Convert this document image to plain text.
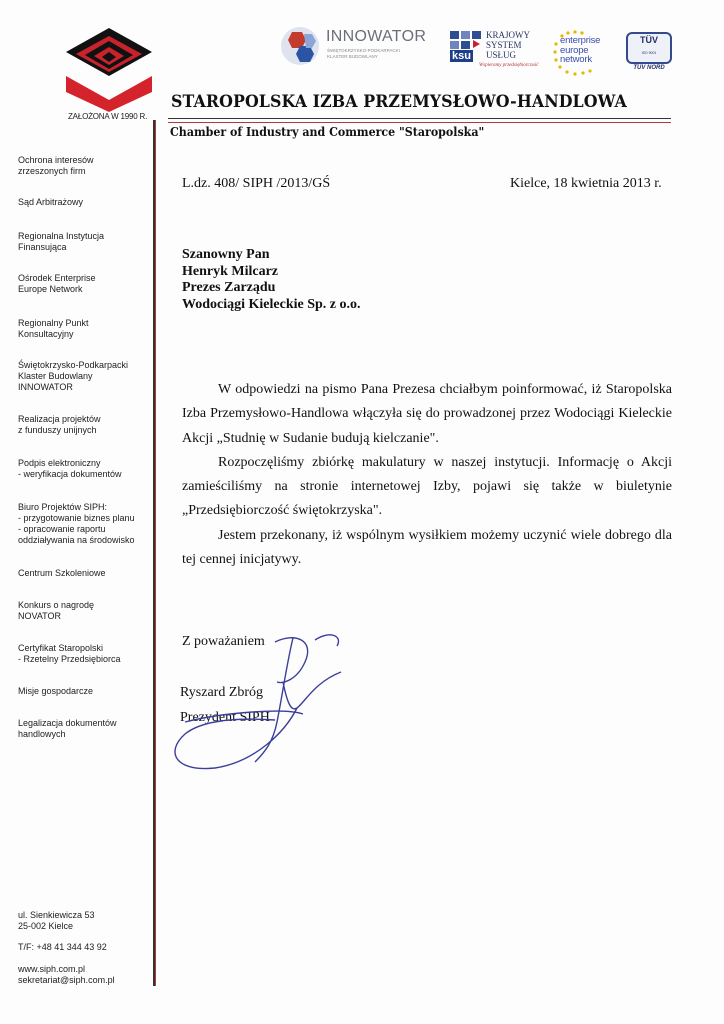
ZAŁOŻONA W 1990 R.
INNOWATOR
ŚWIĘTOKRZYSKO-PODKARPACKI
KLASTER BUDOWLANY	ksu
KRAJOWY
SYSTEM
USŁUG
Wspieramy przedsiębiorczość
enterprise
europe
network
TÜV
ISO 9001
TÜV NORD
STAROPOLSKA IZBA PRZEMYSŁOWO-HANDLOWA
Chamber of Industry and Commerce "Staropolska"
Ochrona interesów
zrzeszonych firm
Sąd Arbitrażowy
Regionalna Instytucja
Finansująca
Ośrodek Enterprise
Europe Network
Regionalny Punkt
Konsultacyjny
Świętokrzysko-Podkarpacki
Klaster Budowlany
INNOWATOR
Realizacja projektów
z funduszy unijnych
Podpis elektroniczny
- weryfikacja dokumentów
Biuro Projektów SIPH:
- przygotowanie biznes planu
- opracowanie raportu
oddziaływania na środowisko
Centrum Szkoleniowe
Konkurs o nagrodę
NOVATOR
Certyfikat Staropolski
- Rzetelny Przedsiębiorca
Misje gospodarcze
Legalizacja dokumentów
handlowych
ul. Sienkiewicza 53
25-002 Kielce
T/F: +48 41 344 43 92
www.siph.com.pl
sekretariat@siph.com.pl
L.dz. 408/ SIPH /2013/GŚ	Kielce, 18 kwietnia 2013 r.
Szanowny Pan
Henryk Milcarz
Prezes Zarządu
Wodociągi Kieleckie Sp. z o.o.

W odpowiedzi na pismo Pana Prezesa chciałbym poinformować, iż Staropolska Izba Przemysłowo-Handlowa włączyła się do prowadzonej przez Wodociągi Kieleckie Akcji „Studnię w Sudanie budują kielczanie".

Rozpoczęliśmy zbiórkę makulatury w naszej instytucji. Informację o Akcji zamieściliśmy na stronie internetowej Izby, pojawi się także w biuletynie „Przedsiębiorczość świętokrzyska".

Jestem przekonany, iż wspólnym wysiłkiem możemy uczynić wiele dobrego dla tej cennej inicjatywy.

Z poważaniem
Ryszard Zbróg
Prezydent SIPH
